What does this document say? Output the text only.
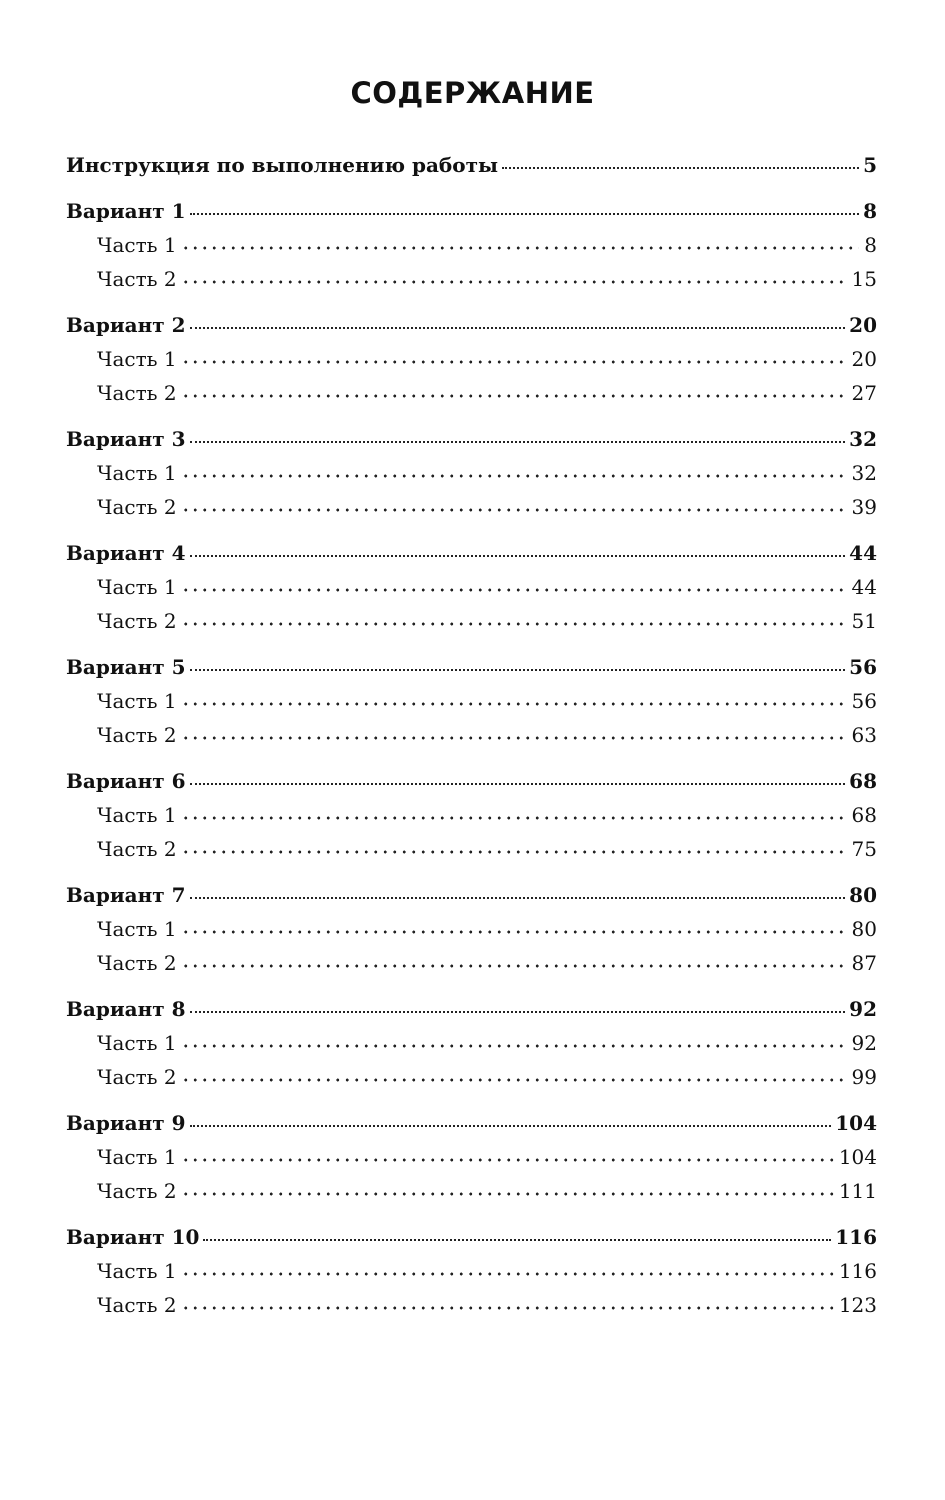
СОДЕРЖАНИЕ
Инструкция по выполнению работы	5
Вариант 1	8
Часть 1	8
Часть 2	15
Вариант 2	20
Часть 1	20
Часть 2	27
Вариант 3	32
Часть 1	32
Часть 2	39
Вариант 4	44
Часть 1	44
Часть 2	51
Вариант 5	56
Часть 1	56
Часть 2	63
Вариант 6	68
Часть 1	68
Часть 2	75
Вариант 7	80
Часть 1	80
Часть 2	87
Вариант 8	92
Часть 1	92
Часть 2	99
Вариант 9	104
Часть 1	104
Часть 2	111
Вариант 10	116
Часть 1	116
Часть 2	123
